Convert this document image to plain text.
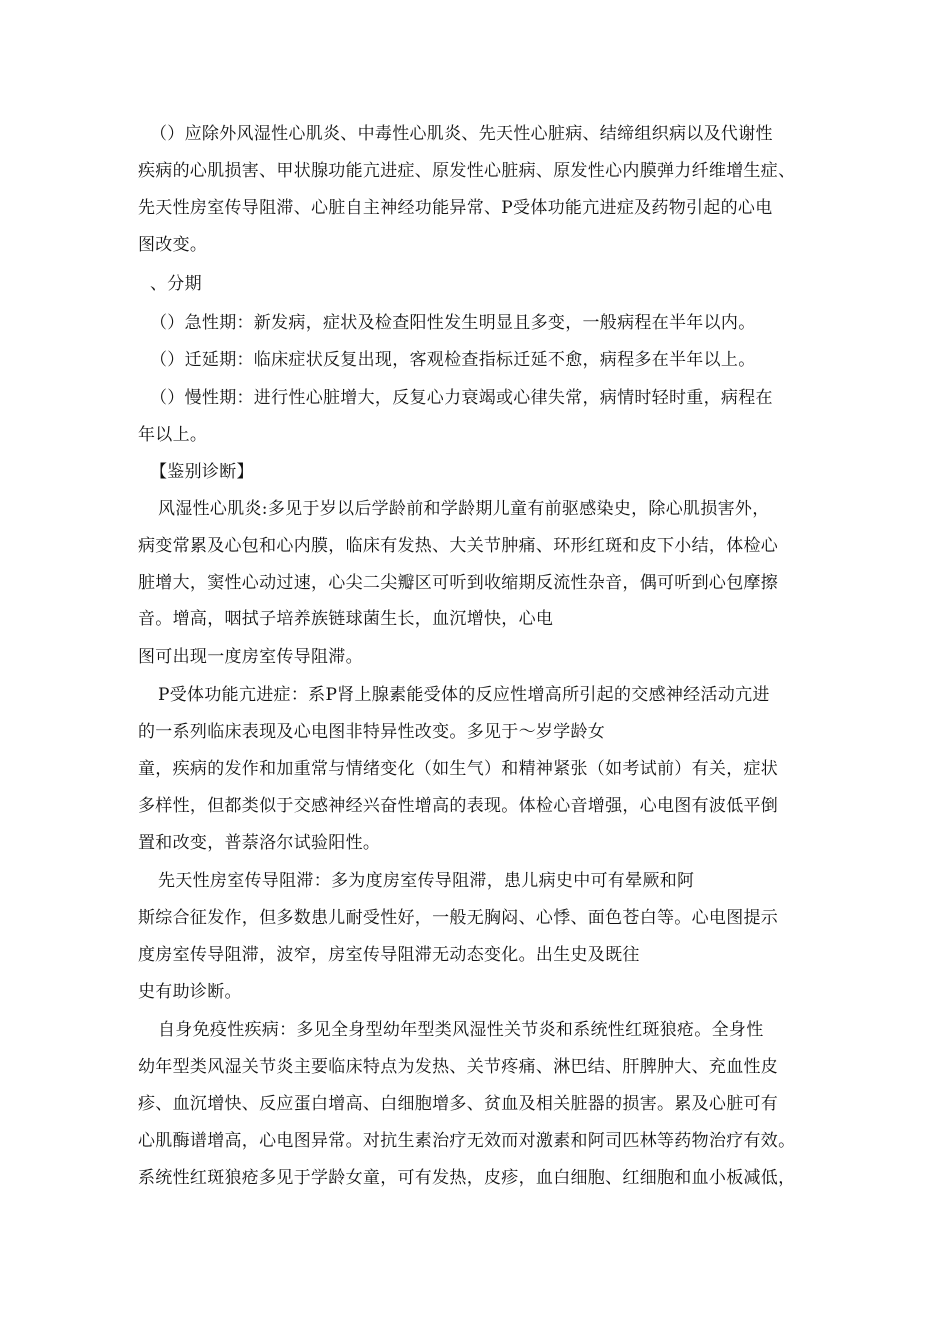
（）应除外风湿性心肌炎、中毒性心肌炎、先天性心脏病、结缔组织病以及代谢性
疾病的心肌损害、甲状腺功能亢进症、原发性心脏病、原发性心内膜弹力纤维增生症、
先天性房室传导阻滞、心脏自主神经功能异常、P受体功能亢进症及药物引起的心电
图改变。
、分期
（）急性期：新发病，症状及检查阳性发生明显且多变，一般病程在半年以内。
（）迁延期：临床症状反复出现，客观检查指标迁延不愈，病程多在半年以上。
（）慢性期：进行性心脏增大，反复心力衰竭或心律失常，病情时轻时重，病程在
年以上。
【鉴别诊断】
风湿性心肌炎:多见于岁以后学龄前和学龄期儿童有前驱感染史，除心肌损害外，
病变常累及心包和心内膜，临床有发热、大关节肿痛、环形红斑和皮下小结，体检心
脏增大，窦性心动过速，心尖二尖瓣区可听到收缩期反流性杂音，偶可听到心包摩擦
音。增高，咽拭子培养族链球菌生长，血沉增快，心电
图可出现一度房室传导阻滞。
P受体功能亢进症：系P肾上腺素能受体的反应性增高所引起的交感神经活动亢进
的一系列临床表现及心电图非特异性改变。多见于〜岁学龄女
童，疾病的发作和加重常与情绪变化（如生气）和精神紧张（如考试前）有关，症状
多样性，但都类似于交感神经兴奋性增高的表现。体检心音增强，心电图有波低平倒
置和改变，普萘洛尔试验阳性。
先天性房室传导阻滞：多为度房室传导阻滞，患儿病史中可有晕厥和阿
斯综合征发作，但多数患儿耐受性好，一般无胸闷、心悸、面色苍白等。心电图提示
度房室传导阻滞，波窄，房室传导阻滞无动态变化。出生史及既往
史有助诊断。
自身免疫性疾病：多见全身型幼年型类风湿性关节炎和系统性红斑狼疮。全身性
幼年型类风湿关节炎主要临床特点为发热、关节疼痛、淋巴结、肝脾肿大、充血性皮
疹、血沉增快、反应蛋白增高、白细胞增多、贫血及相关脏器的损害。累及心脏可有
心肌酶谱增高，心电图异常。对抗生素治疗无效而对激素和阿司匹林等药物治疗有效。
系统性红斑狼疮多见于学龄女童，可有发热，皮疹，血白细胞、红细胞和血小板减低，
